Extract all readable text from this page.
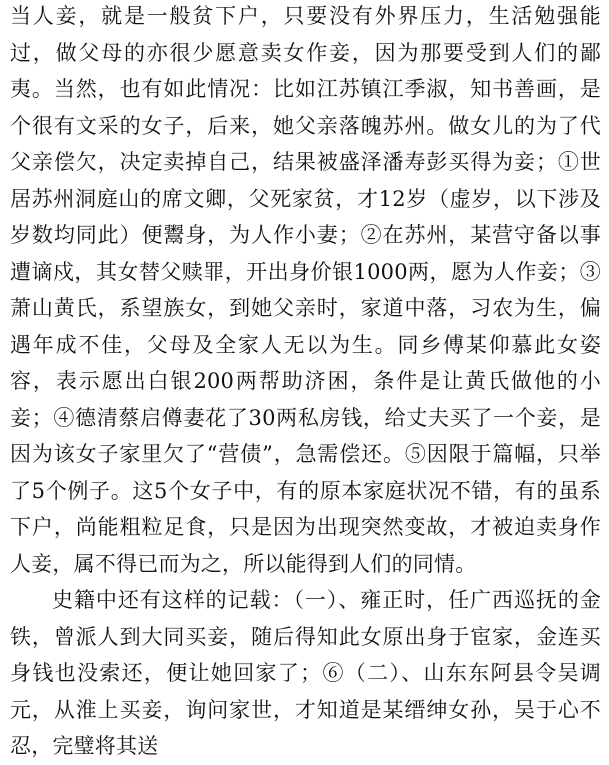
当人妾，就是一般贫下户，只要没有外界压力，生活勉强能过，做父母的亦很少愿意卖女作妾，因为那要受到人们的鄙夷。当然，也有如此情况：比如江苏镇江季淑，知书善画，是个很有文采的女子，后来，她父亲落魄苏州。做女儿的为了代父亲偿欠，决定卖掉自己，结果被盛泽潘寿彭买得为妾；①世居苏州洞庭山的席文卿，父死家贫，才12岁（虚岁，以下涉及岁数均同此）便鬻身，为人作小妻；②在苏州，某营守备以事遭谪戍，其女替父赎罪，开出身价银1000两，愿为人作妾；③萧山黄氏，系望族女，到她父亲时，家道中落，习农为生，偏遇年成不佳，父母及全家人无以为生。同乡傅某仰慕此女姿容，表示愿出白银200两帮助济困，条件是让黄氏做他的小妾；④德清蔡启僔妻花了30两私房钱，给丈夫买了一个妾，是因为该女子家里欠了“营债”，急需偿还。⑤因限于篇幅，只举了5个例子。这5个女子中，有的原本家庭状况不错，有的虽系下户，尚能粗粒足食，只是因为出现突然变故，才被迫卖身作人妾，属不得已而为之，所以能得到人们的同情。

史籍中还有这样的记载：（一）、雍正时，任广西巡抚的金铁，曾派人到大同买妾，随后得知此女原出身于宦家，金连买身钱也没索还，便让她回家了；⑥（二）、山东东阿县令吴调元，从淮上买妾，询问家世，才知道是某缙绅女孙，吴于心不忍，完璧将其送
